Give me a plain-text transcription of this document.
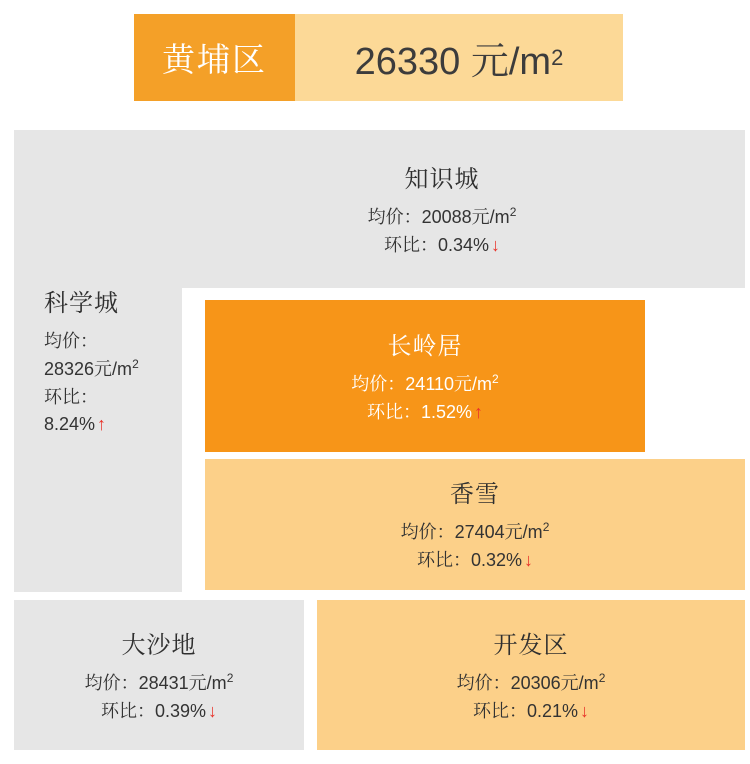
黄埔区	26330 元/m 2
知识城
均价：20088元$/m^2$
环比：0.34% ↓
科学城
均价：
28326元$/m^2$
环比：
8.24% ↑
长岭居
均价：24110元$/m^2$
环比：1.52% ↑
香雪
均价：27404元$/m^2$
环比：0.32% ↓
大沙地
均价：28431元$/m^2$
环比：0.39% ↓
开发区
均价：20306元$/m^2$
环比：0.21% ↓
